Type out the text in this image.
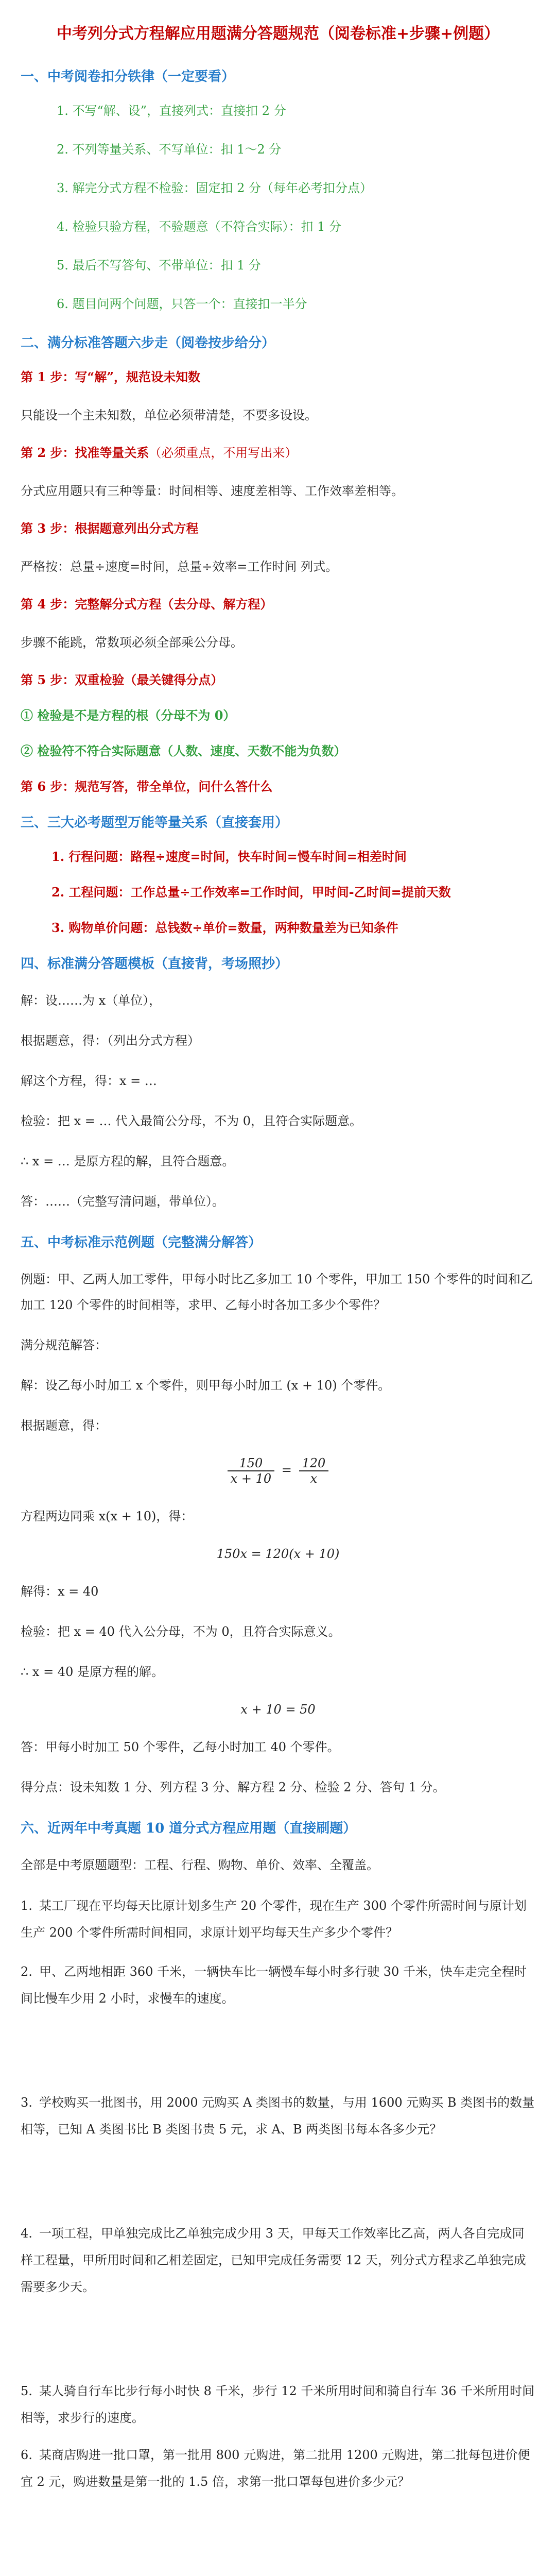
中考列分式方程解应用题满分答题规范（阅卷标准+步骤+例题）
一、中考阅卷扣分铁律（一定要看）
1. 不写“解、设”，直接列式：直接扣 2 分
2. 不列等量关系、不写单位：扣 1～2 分
3. 解完分式方程不检验：固定扣 2 分（每年必考扣分点）
4. 检验只验方程，不验题意（不符合实际）：扣 1 分
5. 最后不写答句、不带单位：扣 1 分
6. 题目问两个问题，只答一个：直接扣一半分
二、满分标准答题六步走（阅卷按步给分）
第 1 步：写“解”，规范设未知数
只能设一个主未知数，单位必须带清楚，不要多设设。
第 2 步：找准等量关系（必须重点，不用写出来）
分式应用题只有三种等量：时间相等、速度差相等、工作效率差相等。
第 3 步：根据题意列出分式方程
严格按：总量÷速度=时间，总量÷效率=工作时间 列式。
第 4 步：完整解分式方程（去分母、解方程）
步骤不能跳，常数项必须全部乘公分母。
第 5 步：双重检验（最关键得分点）
① 检验是不是方程的根（分母不为 0）
② 检验符不符合实际题意（人数、速度、天数不能为负数）
第 6 步：规范写答，带全单位，问什么答什么
三、三大必考题型万能等量关系（直接套用）
1. 行程问题：路程÷速度=时间，快车时间=慢车时间=相差时间
2. 工程问题：工作总量÷工作效率=工作时间，甲时间-乙时间=提前天数
3. 购物单价问题：总钱数÷单价=数量，两种数量差为已知条件
四、标准满分答题模板（直接背，考场照抄）
解：设……为 x（单位），
根据题意，得：（列出分式方程）
解这个方程，得：x = …
检验：把 x = … 代入最简公分母，不为 0，且符合实际题意。
∴ x = … 是原方程的解，且符合题意。
答：……（完整写清问题，带单位）。
五、中考标准示范例题（完整满分解答）
例题：甲、乙两人加工零件，甲每小时比乙多加工 10 个零件，甲加工 150 个零件的时间和乙加工 120 个零件的时间相等，求甲、乙每小时各加工多少个零件？
满分规范解答：
解：设乙每小时加工 x 个零件，则甲每小时加工 (x + 10) 个零件。
根据题意，得：
$\frac{150}{x + 10} = \frac{120}{x}$
方程两边同乘 x(x + 10)，得：
150x = 120(x + 10)
解得：x = 40
检验：把 x = 40 代入公分母，不为 0，且符合实际意义。
∴ x = 40 是原方程的解。
x + 10 = 50
答：甲每小时加工 50 个零件，乙每小时加工 40 个零件。
得分点：设未知数 1 分、列方程 3 分、解方程 2 分、检验 2 分、答句 1 分。
六、近两年中考真题 10 道分式方程应用题（直接刷题）
全部是中考原题题型：工程、行程、购物、单价、效率、全覆盖。
1. 某工厂现在平均每天比原计划多生产 20 个零件，现在生产 300 个零件所需时间与原计划生产 200 个零件所需时间相同，求原计划平均每天生产多少个零件？
2. 甲、乙两地相距 360 千米，一辆快车比一辆慢车每小时多行驶 30 千米，快车走完全程时间比慢车少用 2 小时，求慢车的速度。
3. 学校购买一批图书，用 2000 元购买 A 类图书的数量，与用 1600 元购买 B 类图书的数量相等，已知 A 类图书比 B 类图书贵 5 元，求 A、B 两类图书每本各多少元？
4. 一项工程，甲单独完成比乙单独完成少用 3 天，甲每天工作效率比乙高，两人各自完成同样工程量，甲所用时间和乙相差固定，已知甲完成任务需要 12 天，列分式方程求乙单独完成需要多少天。
5. 某人骑自行车比步行每小时快 8 千米，步行 12 千米所用时间和骑自行车 36 千米所用时间相等，求步行的速度。
6. 某商店购进一批口罩，第一批用 800 元购进，第二批用 1200 元购进，第二批每包进价便宜 2 元，购进数量是第一批的 1.5 倍，求第一批口罩每包进价多少元？
